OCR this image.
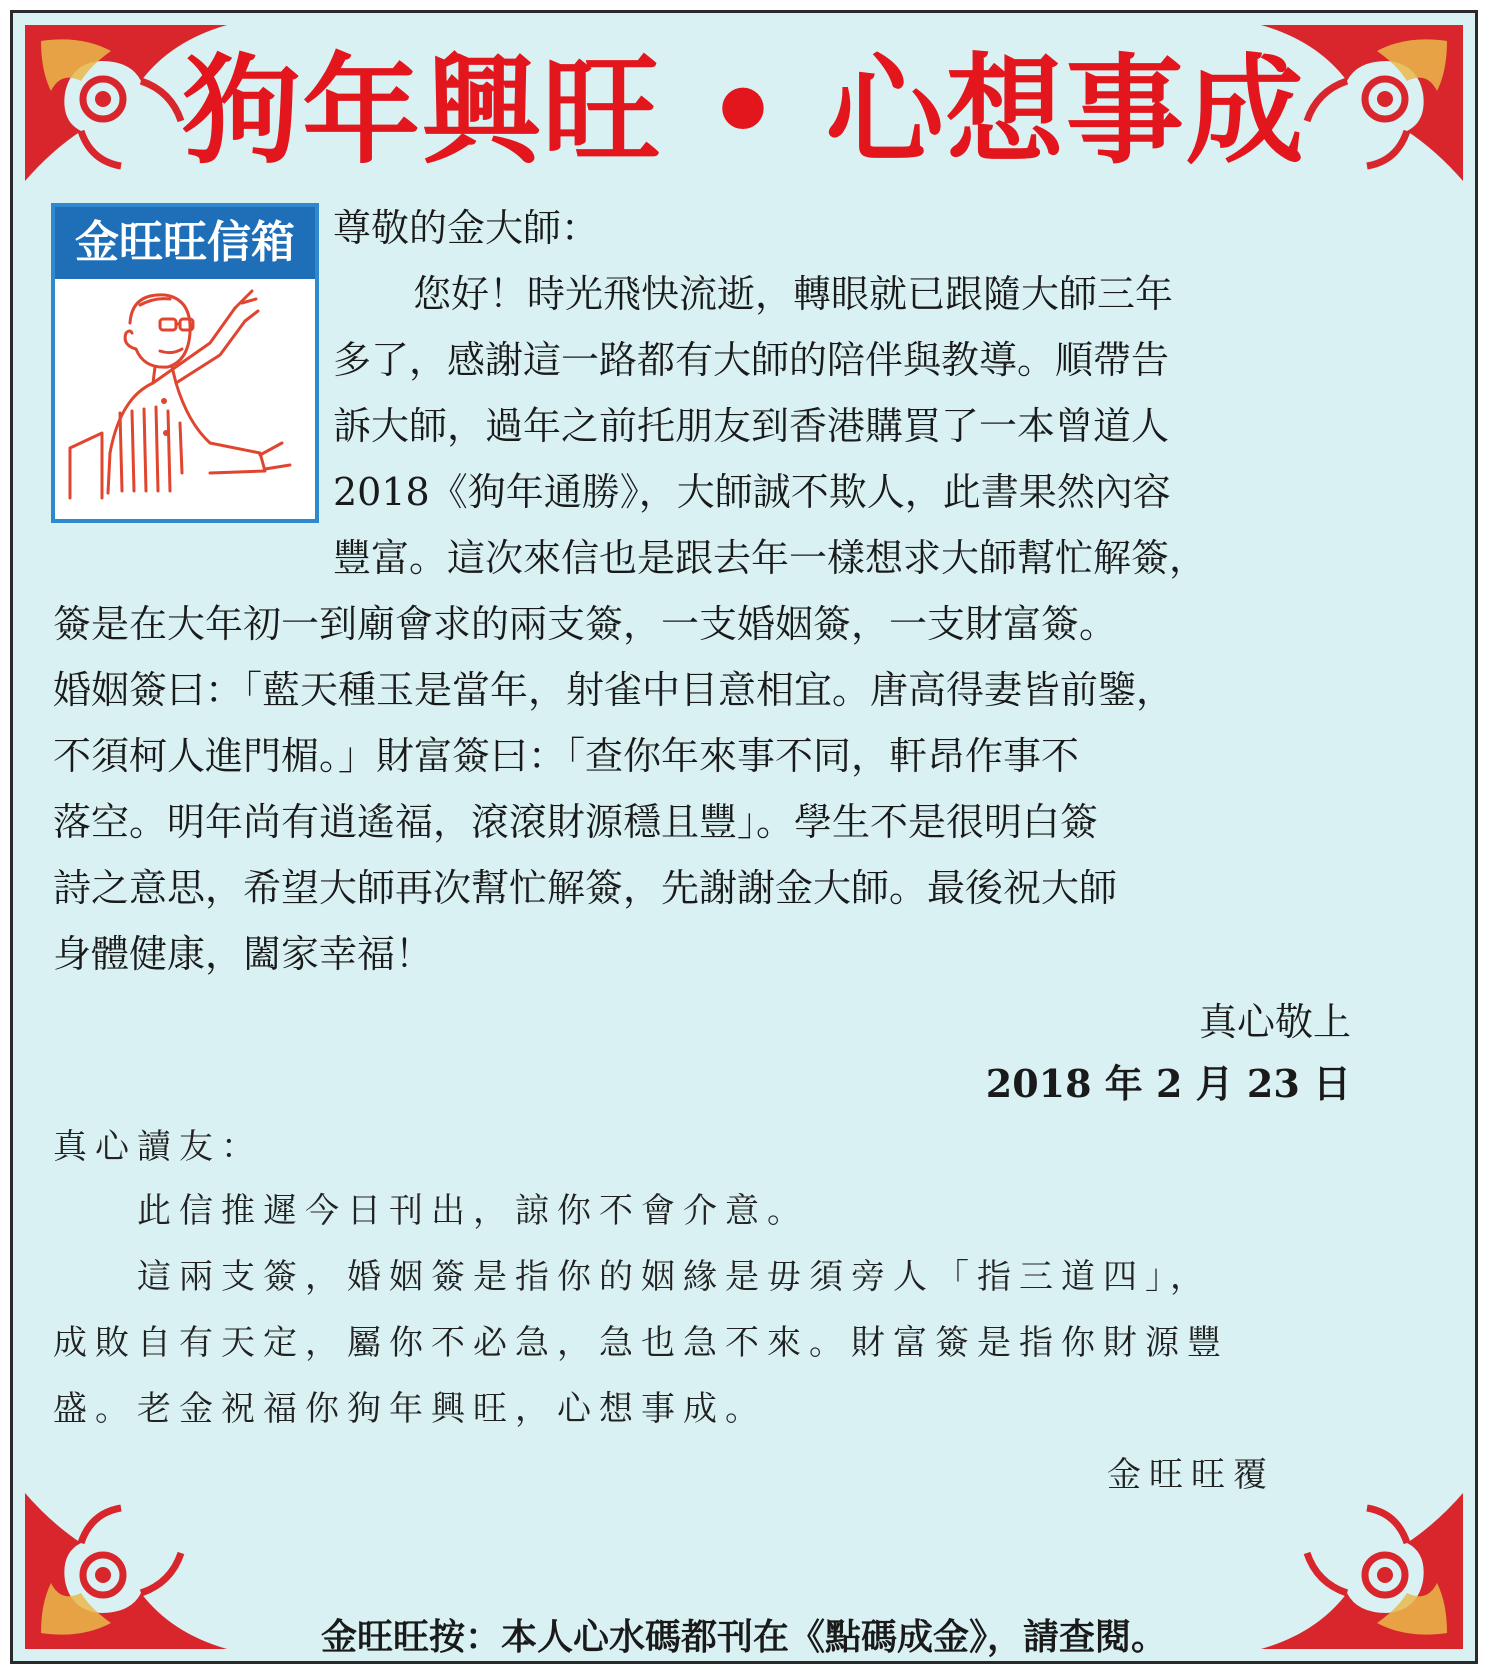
狗年興旺 • 心想事成
金旺旺信箱	尊敬的金大師：
您好！時光飛快流逝，轉眼就已跟隨大師三年
多了，感謝這一路都有大師的陪伴與教導。順帶告
訴大師，過年之前托朋友到香港購買了一本曾道人
2018《狗年通勝》，大師誠不欺人，此書果然內容
豐富。這次來信也是跟去年一樣想求大師幫忙解簽，
簽是在大年初一到廟會求的兩支簽，一支婚姻簽，一支財富簽。
婚姻簽曰：「藍天種玉是當年，射雀中目意相宜。唐高得妻皆前鑒，
不須柯人進門楣。」財富簽曰：「查你年來事不同，軒昂作事不
落空。明年尚有逍遙福，滾滾財源穩且豐」。學生不是很明白簽
詩之意思，希望大師再次幫忙解簽，先謝謝金大師。最後祝大師
身體健康，闔家幸福！
真心敬上
2018 年 2 月 23 日
真心讀友：
此信推遲今日刊出，諒你不會介意。
這兩支簽，婚姻簽是指你的姻緣是毋須旁人「指三道四」，
成敗自有天定，屬你不必急，急也急不來。財富簽是指你財源豐
盛。老金祝福你狗年興旺，心想事成。
金旺旺覆
金旺旺按：本人心水碼都刊在《點碼成金》，請查閱。
